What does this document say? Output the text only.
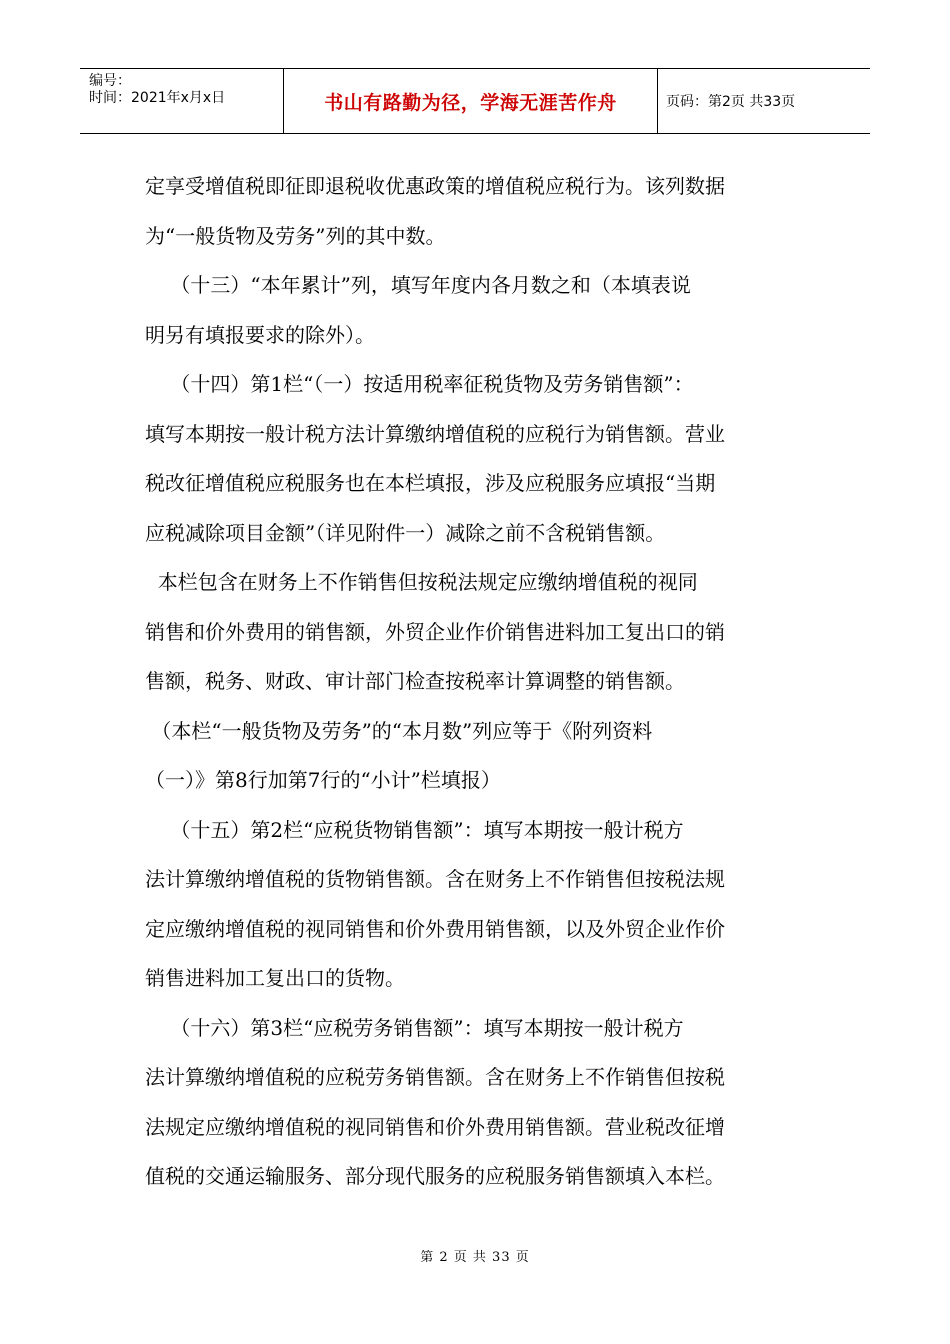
编号：
时间：2021年x月x日	书山有路勤为径，学海无涯苦作舟	页码：第2页 共33页

定享受增值税即征即退税收优惠政策的增值税应税行为。该列数据

为“一般货物及劳务”列的其中数。

（十三）“本年累计”列，填写年度内各月数之和（本填表说

明另有填报要求的除外）。

（十四）第1栏“（一）按适用税率征税货物及劳务销售额”：

填写本期按一般计税方法计算缴纳增值税的应税行为销售额。营业

税改征增值税应税服务也在本栏填报，涉及应税服务应填报“当期

应税减除项目金额”（详见附件一）减除之前不含税销售额。

本栏包含在财务上不作销售但按税法规定应缴纳增值税的视同

销售和价外费用的销售额，外贸企业作价销售进料加工复出口的销

售额，税务、财政、审计部门检查按税率计算调整的销售额。

（本栏“一般货物及劳务”的“本月数”列应等于《附列资料

（一）》第8行加第7行的“小计”栏填报）

（十五）第2栏“应税货物销售额”：填写本期按一般计税方

法计算缴纳增值税的货物销售额。含在财务上不作销售但按税法规

定应缴纳增值税的视同销售和价外费用销售额，以及外贸企业作价

销售进料加工复出口的货物。

（十六）第3栏“应税劳务销售额”：填写本期按一般计税方

法计算缴纳增值税的应税劳务销售额。含在财务上不作销售但按税

法规定应缴纳增值税的视同销售和价外费用销售额。营业税改征增

值税的交通运输服务、部分现代服务的应税服务销售额填入本栏。

第 2 页 共 33 页
